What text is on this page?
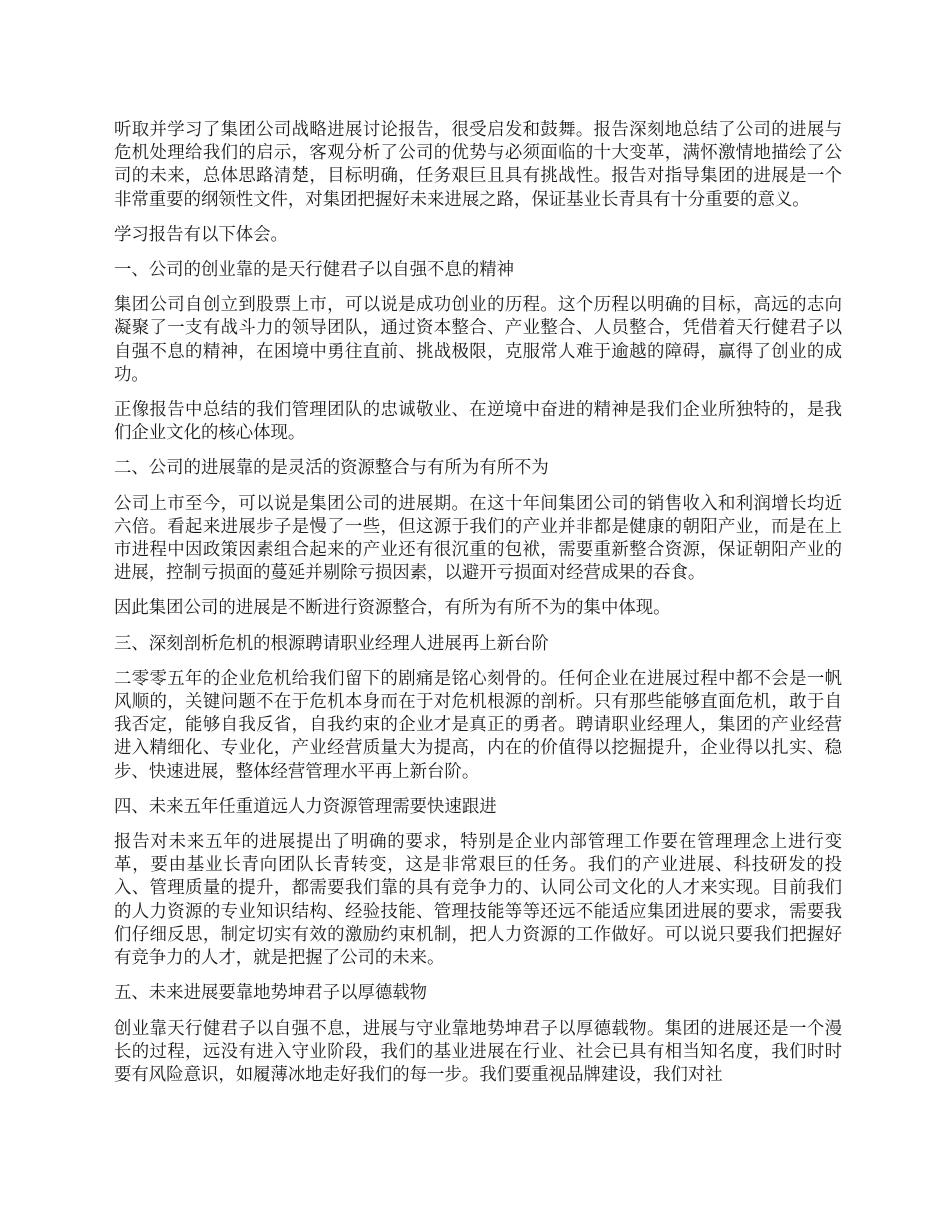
听取并学习了集团公司战略进展讨论报告，很受启发和鼓舞。报告深刻地总结了公司的进展与危机处理给我们的启示，客观分析了公司的优势与必须面临的十大变革，满怀激情地描绘了公司的未来，总体思路清楚，目标明确，任务艰巨且具有挑战性。报告对指导集团的进展是一个非常重要的纲领性文件，对集团把握好未来进展之路，保证基业长青具有十分重要的意义。

学习报告有以下体会。

一、公司的创业靠的是天行健君子以自强不息的精神

集团公司自创立到股票上市，可以说是成功创业的历程。这个历程以明确的目标，高远的志向凝聚了一支有战斗力的领导团队，通过资本整合、产业整合、人员整合，凭借着天行健君子以自强不息的精神，在困境中勇往直前、挑战极限，克服常人难于逾越的障碍，赢得了创业的成功。

正像报告中总结的我们管理团队的忠诚敬业、在逆境中奋进的精神是我们企业所独特的，是我们企业文化的核心体现。

二、公司的进展靠的是灵活的资源整合与有所为有所不为

公司上市至今，可以说是集团公司的进展期。在这十年间集团公司的销售收入和利润增长均近六倍。看起来进展步子是慢了一些，但这源于我们的产业并非都是健康的朝阳产业，而是在上市进程中因政策因素组合起来的产业还有很沉重的包袱，需要重新整合资源，保证朝阳产业的进展，控制亏损面的蔓延并剔除亏损因素，以避开亏损面对经营成果的吞食。

因此集团公司的进展是不断进行资源整合，有所为有所不为的集中体现。

三、深刻剖析危机的根源聘请职业经理人进展再上新台阶

二零零五年的企业危机给我们留下的剧痛是铭心刻骨的。任何企业在进展过程中都不会是一帆风顺的，关键问题不在于危机本身而在于对危机根源的剖析。只有那些能够直面危机，敢于自我否定，能够自我反省，自我约束的企业才是真正的勇者。聘请职业经理人，集团的产业经营进入精细化、专业化，产业经营质量大为提高，内在的价值得以挖掘提升，企业得以扎实、稳步、快速进展，整体经营管理水平再上新台阶。

四、未来五年任重道远人力资源管理需要快速跟进

报告对未来五年的进展提出了明确的要求，特别是企业内部管理工作要在管理理念上进行变革，要由基业长青向团队长青转变，这是非常艰巨的任务。我们的产业进展、科技研发的投入、管理质量的提升，都需要我们靠的具有竞争力的、认同公司文化的人才来实现。目前我们的人力资源的专业知识结构、经验技能、管理技能等等还远不能适应集团进展的要求，需要我们仔细反思，制定切实有效的激励约束机制，把人力资源的工作做好。可以说只要我们把握好有竞争力的人才，就是把握了公司的未来。

五、未来进展要靠地势坤君子以厚德载物

创业靠天行健君子以自强不息，进展与守业靠地势坤君子以厚德载物。集团的进展还是一个漫长的过程，远没有进入守业阶段，我们的基业进展在行业、社会已具有相当知名度，我们时时要有风险意识，如履薄冰地走好我们的每一步。我们要重视品牌建设，我们对社
